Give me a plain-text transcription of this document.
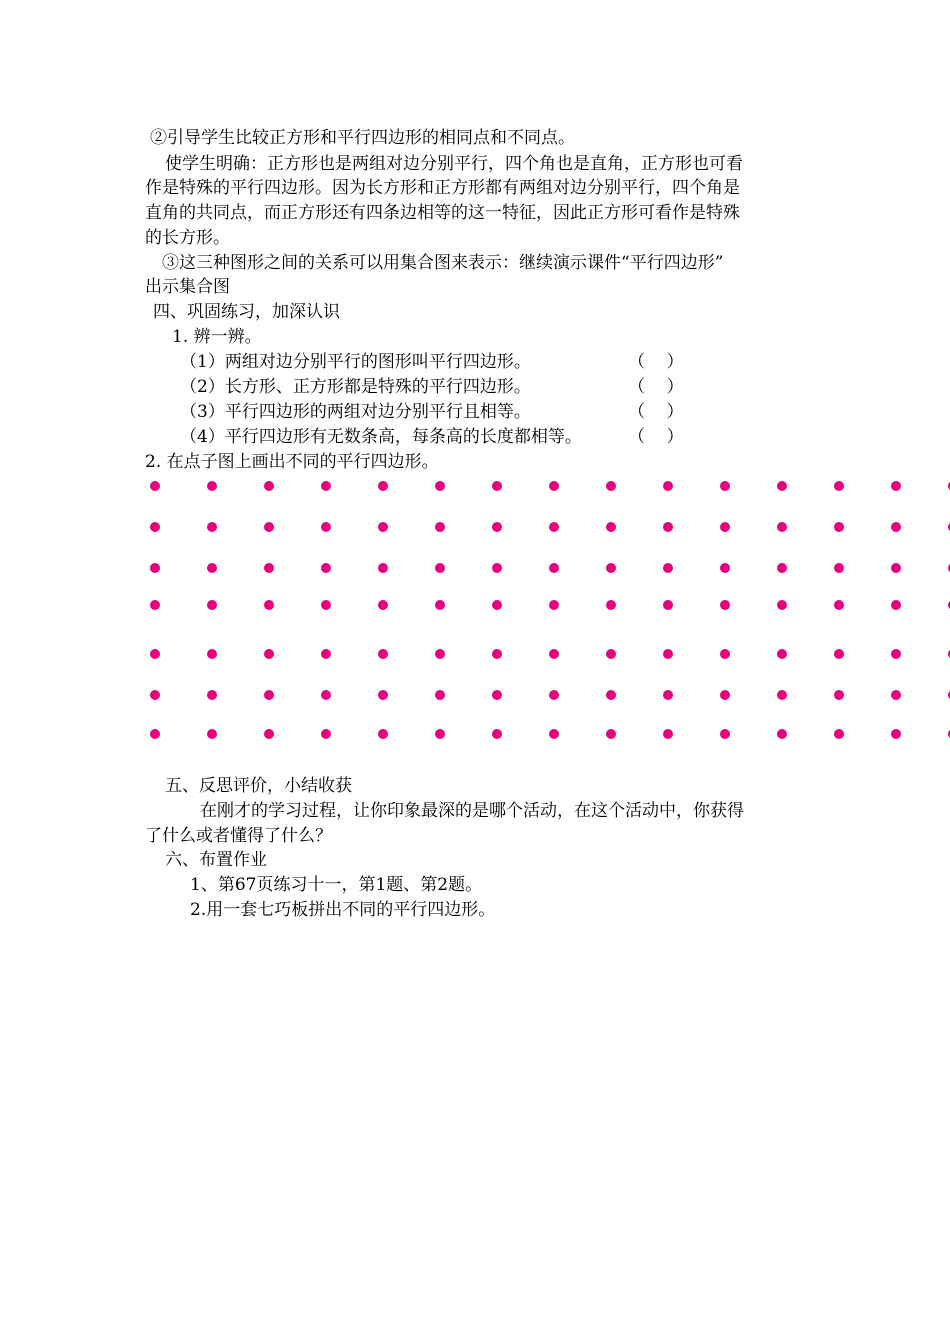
②引导学生比较正方形和平行四边形的相同点和不同点。
使学生明确：正方形也是两组对边分别平行，四个角也是直角，正方形也可看
作是特殊的平行四边形。因为长方形和正方形都有两组对边分别平行，四个角是
直角的共同点，而正方形还有四条边相等的这一特征，因此正方形可看作是特殊
的长方形。
③这三种图形之间的关系可以用集合图来表示：继续演示课件“平行四边形”
出示集合图
四、巩固练习，加深认识
1. 辨一辨。
（1）两组对边分别平行的图形叫平行四边形。	（    ）
（2）长方形、正方形都是特殊的平行四边形。	（    ）
（3）平行四边形的两组对边分别平行且相等。	（    ）
（4）平行四边形有无数条高，每条高的长度都相等。	（    ）
2. 在点子图上画出不同的平行四边形。
五、反思评价，小结收获
在刚才的学习过程，让你印象最深的是哪个活动，在这个活动中，你获得
了什么或者懂得了什么？
六、布置作业
1、第67页练习十一，第1题、第2题。
2.用一套七巧板拼出不同的平行四边形。
